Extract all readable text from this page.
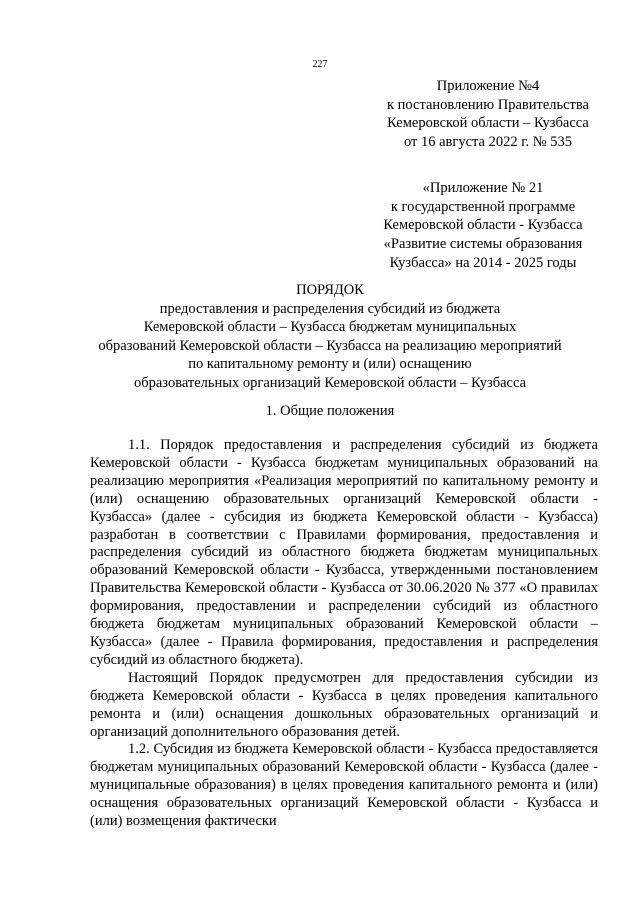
227
Приложение №4
к постановлению Правительства
Кемеровской области – Кузбасса
от 16 августа 2022 г. № 535
«Приложение № 21
к государственной программе
Кемеровской области - Кузбасса
«Развитие системы образования
Кузбасса» на 2014 - 2025 годы
ПОРЯДОК
предоставления и распределения субсидий из бюджета
Кемеровской области – Кузбасса бюджетам муниципальных
образований Кемеровской области – Кузбасса на реализацию мероприятий
по капитальному ремонту и (или) оснащению
образовательных организаций Кемеровской области – Кузбасса
1. Общие положения

1.1. Порядок предоставления и распределения субсидий из бюджета Кемеровской области - Кузбасса бюджетам муниципальных образований на реализацию мероприятия «Реализация мероприятий по капитальному ремонту и (или) оснащению образовательных организаций Кемеровской области - Кузбасса» (далее - субсидия из бюджета Кемеровской области - Кузбасса) разработан в соответствии с Правилами формирования, предоставления и распределения субсидий из областного бюджета бюджетам муниципальных образований Кемеровской области - Кузбасса, утвержденными постановлением Правительства Кемеровской области - Кузбасса от 30.06.2020 № 377 «О правилах формирования, предоставлении и распределении субсидий из областного бюджета бюджетам муниципальных образований Кемеровской области – Кузбасса» (далее - Правила формирования, предоставления и распределения субсидий из областного бюджета).

Настоящий Порядок предусмотрен для предоставления субсидии из бюджета Кемеровской области - Кузбасса в целях проведения капитального ремонта и (или) оснащения дошкольных образовательных организаций и организаций дополнительного образования детей.

1.2. Субсидия из бюджета Кемеровской области - Кузбасса предоставляется бюджетам муниципальных образований Кемеровской области - Кузбасса (далее - муниципальные образования) в целях проведения капитального ремонта и (или) оснащения образовательных организаций Кемеровской области - Кузбасса и (или) возмещения фактически
